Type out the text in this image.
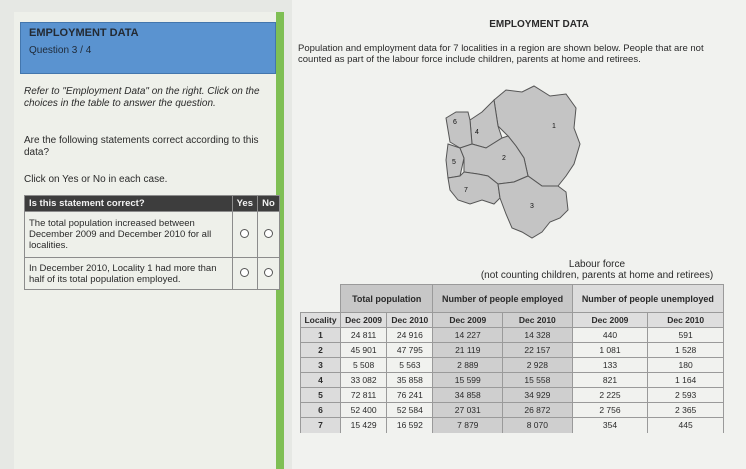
EMPLOYMENT DATA
Question 3 / 4
Refer to "Employment Data" on the right. Click on the choices in the table to answer the question.
Are the following statements correct according to this data?
Click on Yes or No in each case.
Is this statement correct?	Yes	No
The total population increased between December 2009 and December 2010 for all localities.		
In December 2010, Locality 1 had more than half of its total population employed.		
EMPLOYMENT DATA
Population and employment data for 7 localities in a region are shown below. People that are not counted as part of the labour force include children, parents at home and retirees.
1
2
3
4
5
6
7
Labour force
(not counting children, parents at home and retirees)
	Total population		Number of people employed		Number of people unemployed	
Locality	Dec 2009	Dec 2010	Dec 2009	Dec 2010	Dec 2009	Dec 2010
1	24 811	24 916	14 227	14 328	440	591
2	45 901	47 795	21 119	22 157	1 081	1 528
3	5 508	5 563	2 889	2 928	133	180
4	33 082	35 858	15 599	15 558	821	1 164
5	72 811	76 241	34 858	34 929	2 225	2 593
6	52 400	52 584	27 031	26 872	2 756	2 365
7	15 429	16 592	7 879	8 070	354	445
